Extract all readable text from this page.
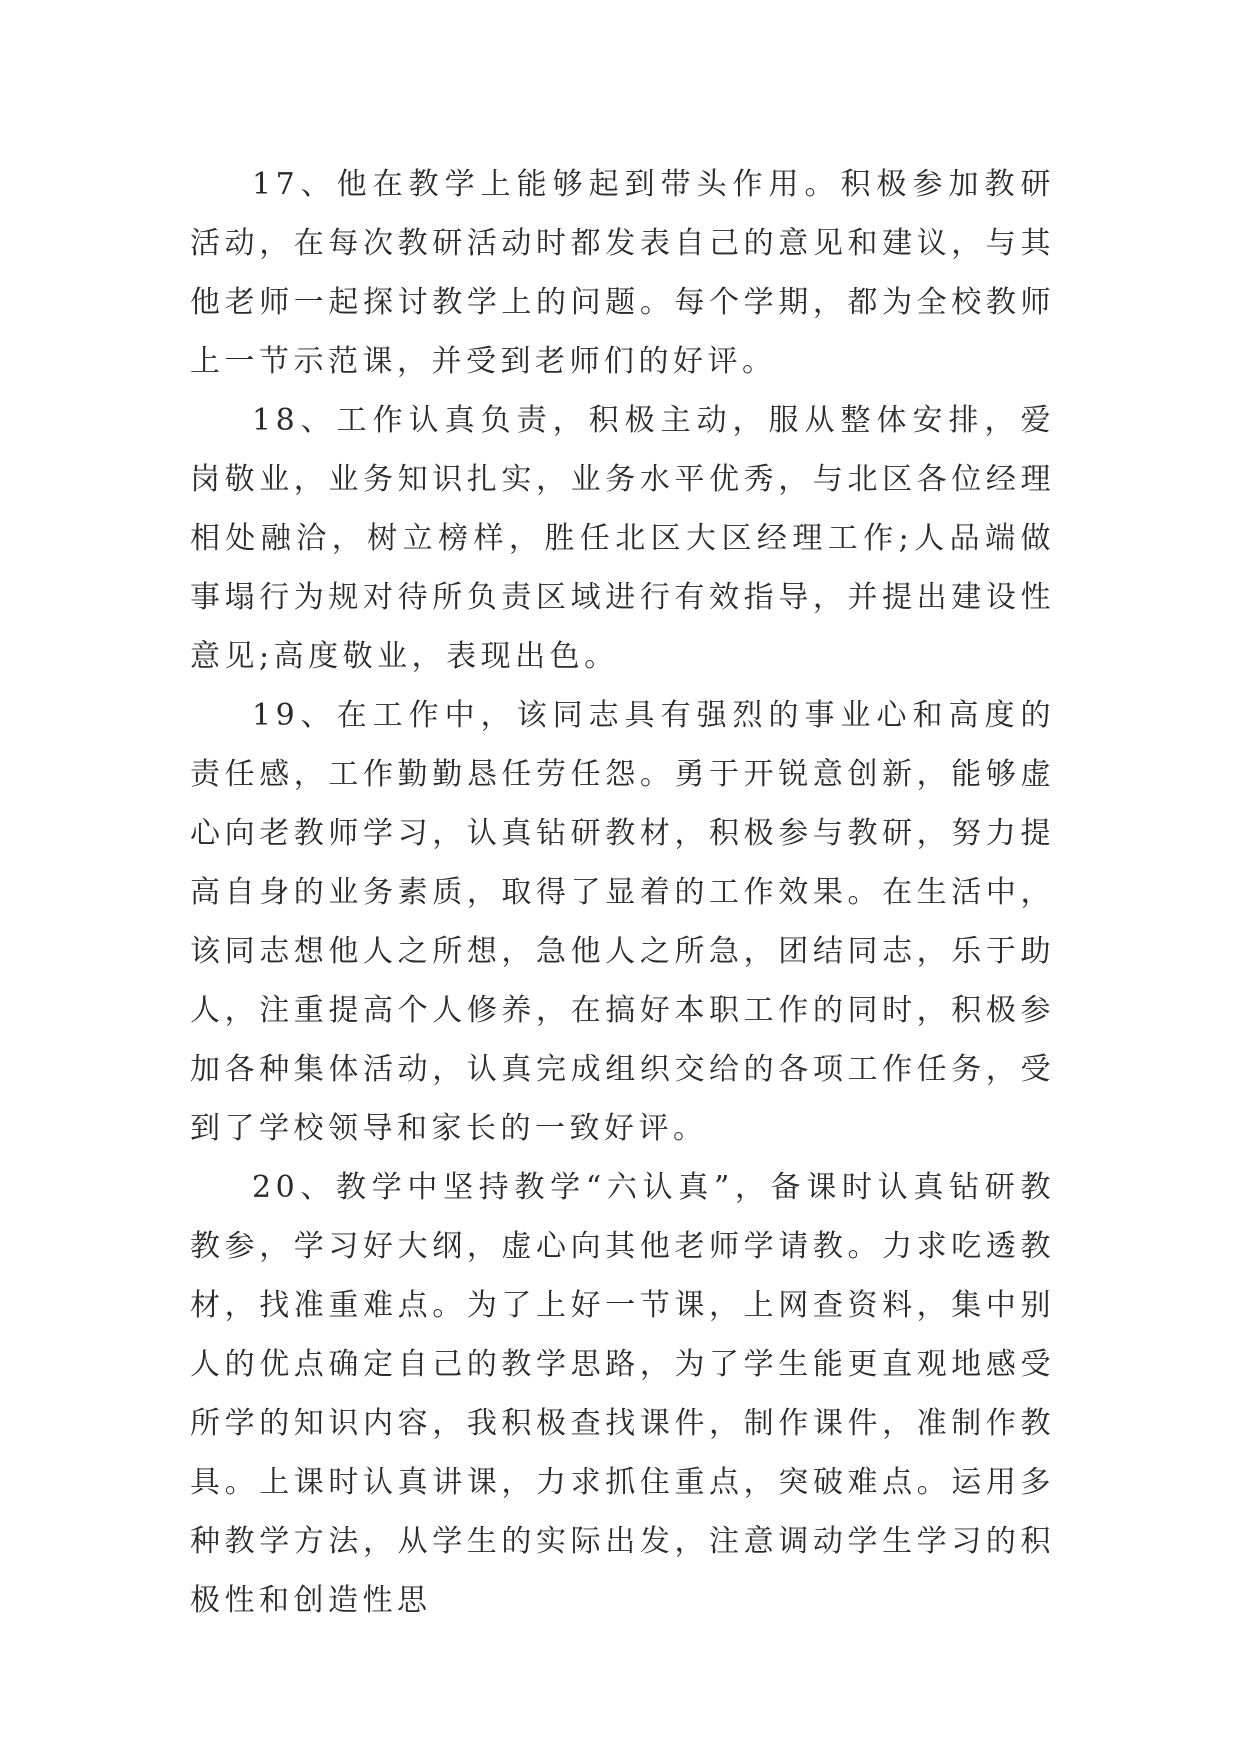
17、他在教学上能够起到带头作用。积极参加教研活动，在每次教研活动时都发表自己的意见和建议，与其他老师一起探讨教学上的问题。每个学期，都为全校教师上一节示范课，并受到老师们的好评。

18、工作认真负责，积极主动，服从整体安排，爱岗敬业，业务知识扎实，业务水平优秀，与北区各位经理相处融洽，树立榜样，胜任北区大区经理工作;人品端做事塌行为规对待所负责区域进行有效指导，并提出建设性意见;高度敬业，表现出色。

19、在工作中，该同志具有强烈的事业心和高度的责任感，工作勤勤恳任劳任怨。勇于开锐意创新，能够虚心向老教师学习，认真钻研教材，积极参与教研，努力提高自身的业务素质，取得了显着的工作效果。在生活中，该同志想他人之所想，急他人之所急，团结同志，乐于助人，注重提高个人修养，在搞好本职工作的同时，积极参加各种集体活动，认真完成组织交给的各项工作任务，受到了学校领导和家长的一致好评。

20、教学中坚持教学“六认真”，备课时认真钻研教教参，学习好大纲，虚心向其他老师学请教。力求吃透教材，找准重难点。为了上好一节课，上网查资料，集中别人的优点确定自己的教学思路，为了学生能更直观地感受所学的知识内容，我积极查找课件，制作课件，准制作教具。上课时认真讲课，力求抓住重点，突破难点。运用多种教学方法，从学生的实际出发，注意调动学生学习的积极性和创造性思
